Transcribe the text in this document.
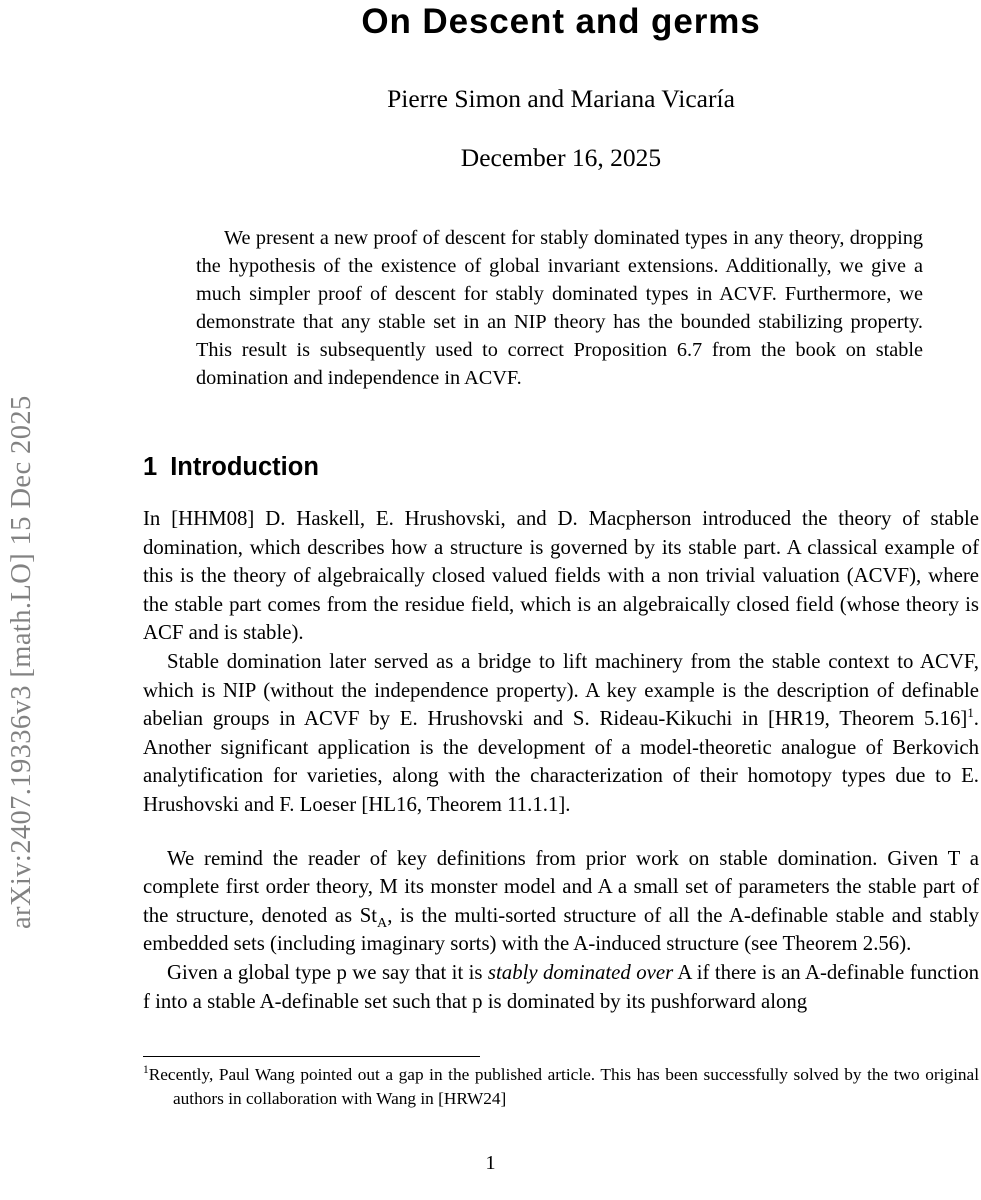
arXiv:2407.19336v3 [math.LO] 15 Dec 2025
On Descent and germs
Pierre Simon and Mariana Vicaría
December 16, 2025
We present a new proof of descent for stably dominated types in any theory, dropping the hypothesis of the existence of global invariant extensions. Additionally, we give a much simpler proof of descent for stably dominated types in ACVF. Furthermore, we demonstrate that any stable set in an NIP theory has the bounded stabilizing property. This result is subsequently used to correct Proposition 6.7 from the book on stable domination and independence in ACVF.
1 Introduction

In [HHM08] D. Haskell, E. Hrushovski, and D. Macpherson introduced the theory of stable domination, which describes how a structure is governed by its stable part. A classical example of this is the theory of algebraically closed valued fields with a non trivial valuation (ACVF), where the stable part comes from the residue field, which is an algebraically closed field (whose theory is ACF and is stable).

Stable domination later served as a bridge to lift machinery from the stable context to ACVF, which is NIP (without the independence property). A key example is the description of definable abelian groups in ACVF by E. Hrushovski and S. Rideau-Kikuchi in [HR19, Theorem 5.16]$^1$. Another significant application is the development of a model-theoretic analogue of Berkovich analytification for varieties, along with the characterization of their homotopy types due to E. Hrushovski and F. Loeser [HL16, Theorem 11.1.1].

We remind the reader of key definitions from prior work on stable domination. Given T a complete first order theory, M its monster model and A a small set of parameters the stable part of the structure, denoted as $St_A$, is the multi-sorted structure of all the A-definable stable and stably embedded sets (including imaginary sorts) with the A-induced structure (see Theorem 2.56).

Given a global type p we say that it is stably dominated over A if there is an A-definable function f into a stable A-definable set such that p is dominated by its pushforward along

$^1$Recently, Paul Wang pointed out a gap in the published article. This has been successfully solved by the two original authors in collaboration with Wang in [HRW24]
1
